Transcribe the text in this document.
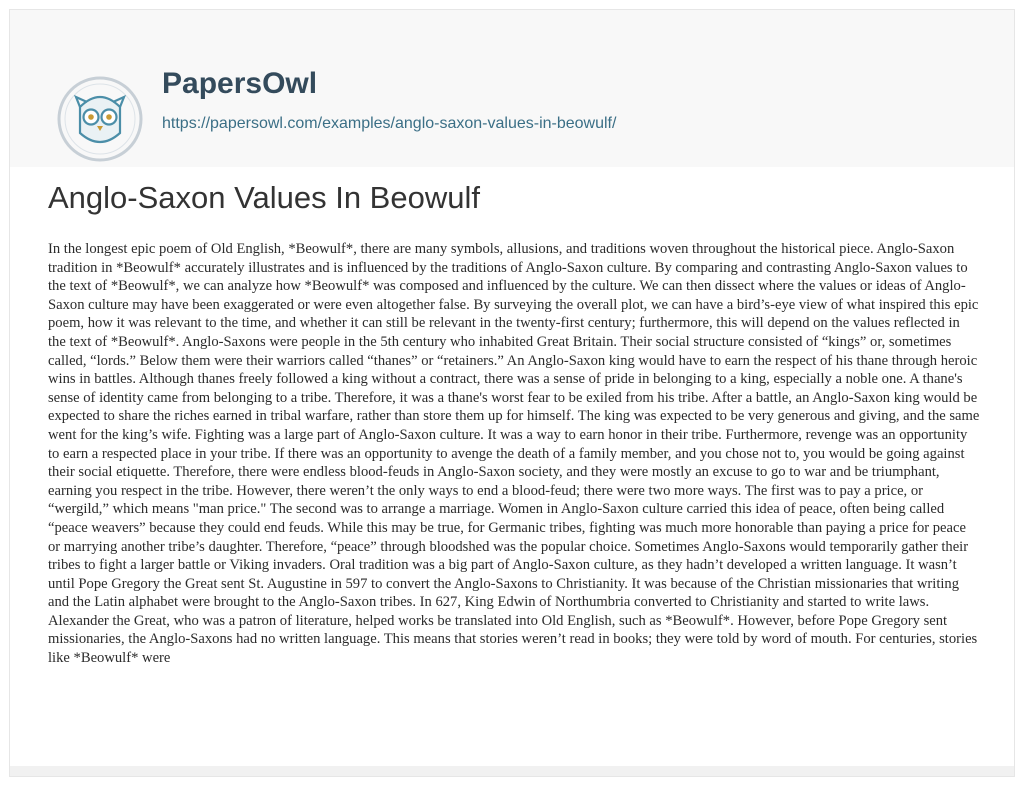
PapersOwl
https://papersowl.com/examples/anglo-saxon-values-in-beowulf/
Anglo-Saxon Values In Beowulf

In the longest epic poem of Old English, *Beowulf*, there are many symbols, allusions, and traditions woven throughout the historical piece. Anglo-Saxon tradition in *Beowulf* accurately illustrates and is influenced by the traditions of Anglo-Saxon culture. By comparing and contrasting Anglo-Saxon values to the text of *Beowulf*, we can analyze how *Beowulf* was composed and influenced by the culture. We can then dissect where the values or ideas of Anglo-Saxon culture may have been exaggerated or were even altogether false. By surveying the overall plot, we can have a bird’s-eye view of what inspired this epic poem, how it was relevant to the time, and whether it can still be relevant in the twenty-first century; furthermore, this will depend on the values reflected in the text of *Beowulf*. Anglo-Saxons were people in the 5th century who inhabited Great Britain. Their social structure consisted of “kings” or, sometimes called, “lords.” Below them were their warriors called “thanes” or “retainers.” An Anglo-Saxon king would have to earn the respect of his thane through heroic wins in battles. Although thanes freely followed a king without a contract, there was a sense of pride in belonging to a king, especially a noble one. A thane's sense of identity came from belonging to a tribe. Therefore, it was a thane's worst fear to be exiled from his tribe. After a battle, an Anglo-Saxon king would be expected to share the riches earned in tribal warfare, rather than store them up for himself. The king was expected to be very generous and giving, and the same went for the king’s wife. Fighting was a large part of Anglo-Saxon culture. It was a way to earn honor in their tribe. Furthermore, revenge was an opportunity to earn a respected place in your tribe. If there was an opportunity to avenge the death of a family member, and you chose not to, you would be going against their social etiquette. Therefore, there were endless blood-feuds in Anglo-Saxon society, and they were mostly an excuse to go to war and be triumphant, earning you respect in the tribe. However, there weren’t the only ways to end a blood-feud; there were two more ways. The first was to pay a price, or “wergild,” which means "man price." The second was to arrange a marriage. Women in Anglo-Saxon culture carried this idea of peace, often being called “peace weavers” because they could end feuds. While this may be true, for Germanic tribes, fighting was much more honorable than paying a price for peace or marrying another tribe’s daughter. Therefore, “peace” through bloodshed was the popular choice. Sometimes Anglo-Saxons would temporarily gather their tribes to fight a larger battle or Viking invaders. Oral tradition was a big part of Anglo-Saxon culture, as they hadn’t developed a written language. It wasn’t until Pope Gregory the Great sent St. Augustine in 597 to convert the Anglo-Saxons to Christianity. It was because of the Christian missionaries that writing and the Latin alphabet were brought to the Anglo-Saxon tribes. In 627, King Edwin of Northumbria converted to Christianity and started to write laws. Alexander the Great, who was a patron of literature, helped works be translated into Old English, such as *Beowulf*. However, before Pope Gregory sent missionaries, the Anglo-Saxons had no written language. This means that stories weren’t read in books; they were told by word of mouth. For centuries, stories like *Beowulf* were
